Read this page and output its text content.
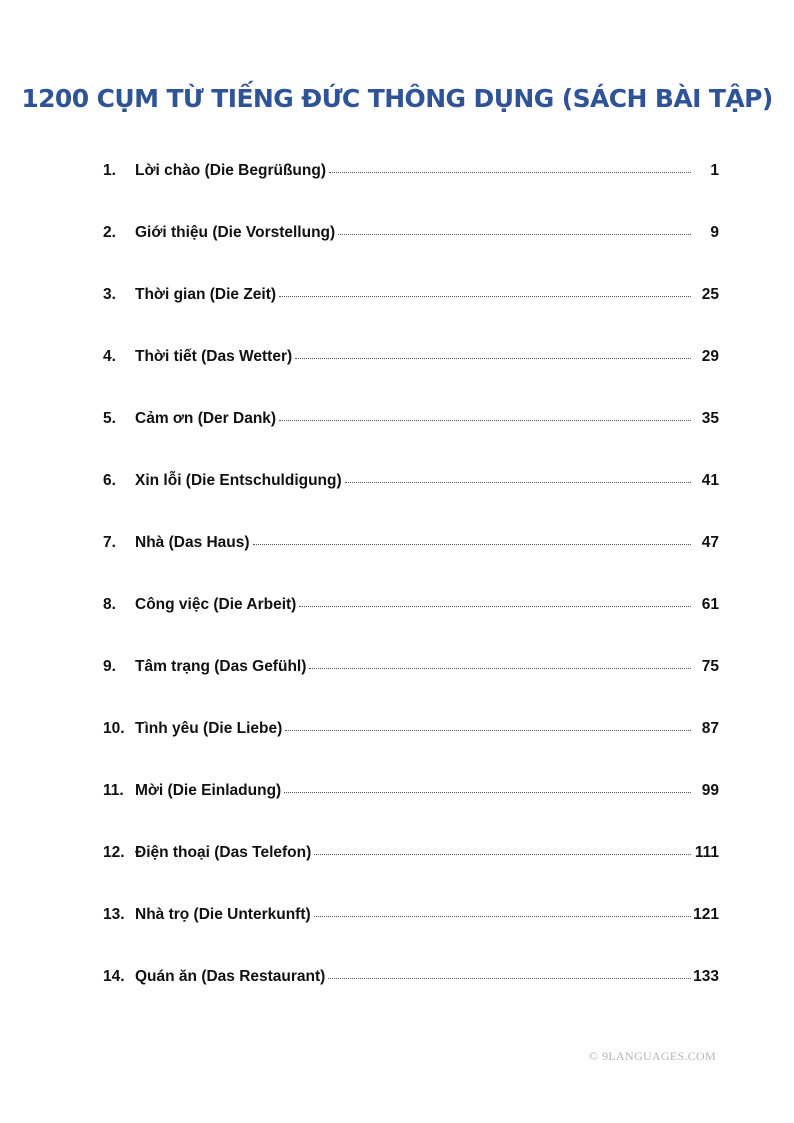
1200 CỤM TỪ TIẾNG ĐỨC THÔNG DỤNG (SÁCH BÀI TẬP)
1.	Lời chào (Die Begrüßung)	1
2.	Giới thiệu (Die Vorstellung)	9
3.	Thời gian (Die Zeit)	25
4.	Thời tiết (Das Wetter)	29
5.	Cảm ơn (Der Dank)	35
6.	Xin lỗi (Die Entschuldigung)	41
7.	Nhà (Das Haus)	47
8.	Công việc (Die Arbeit)	61
9.	Tâm trạng (Das Gefühl)	75
10. Tình yêu (Die Liebe)	87
11. Mời (Die Einladung)	99
12. Điện thoại (Das Telefon)	111
13. Nhà trọ (Die Unterkunft)	121
14. Quán ăn (Das Restaurant)	133
© 9LANGUAGES.COM
